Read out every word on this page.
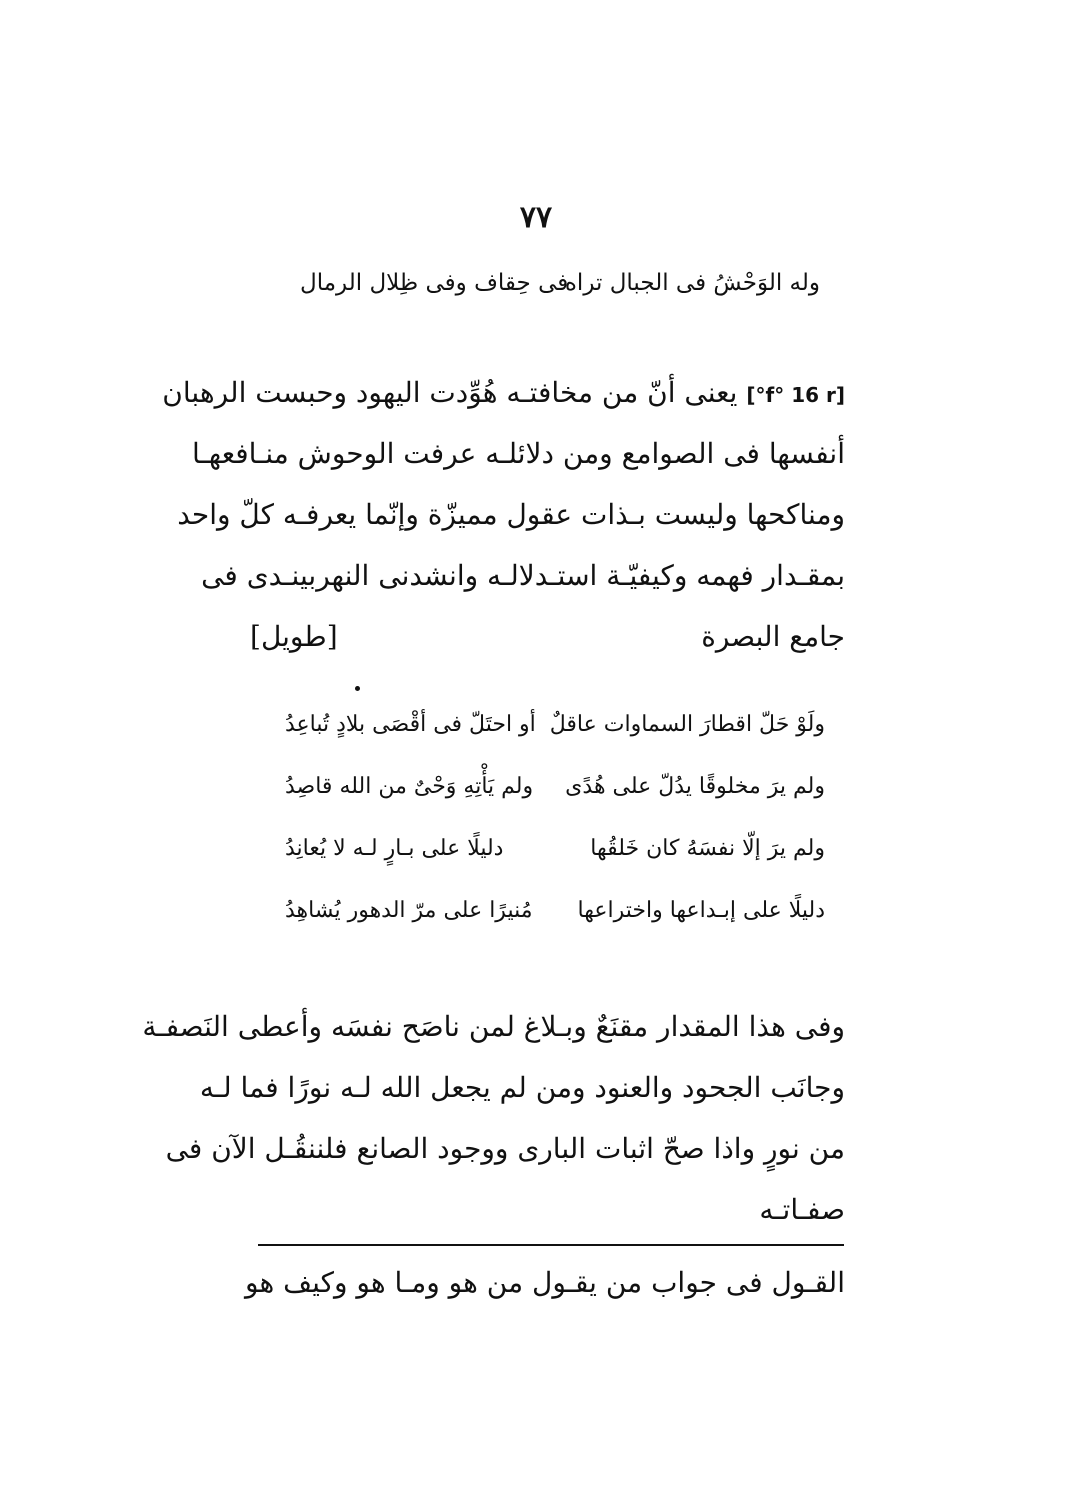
٧٧
وله الوَحْشُ فى الجبال تراه
فى حِقاف وفى ظِلال الرمال
[f° 16 r°] يعنى أنّ من مخافتـه هُوِّدت اليهود وحبست الرهبان
أنفسها فى الصوامع ومن دلائلـه عرفت الوحوش منـافعهـا
ومناكحها وليست بـذات عقول مميزّة وإنّما يعرفـه كلّ واحد
بمقـدار فهمه وكيفيّـة استـدلالـه وانشدنى النهربينـدى فى
جامع البصرة
[طويل]
ولَوْ حَلّ اقطارَ السماوات عاقلٌ
أو احتَلّ فى أقْصَى بلادٍ تُباعِدُ
ولم يرَ مخلوقًا يدُلّ على هُدًى
ولم يَأْتِهِ وَحْىٌ من الله قاصِدُ
ولم يرَ إلّا نفسَهُ كان خَلقُها
دليلًا على بـارٍ لـه لا يُعانِدُ
دليلًا على إبـداعها واختراعها
مُنيرًا على مرّ الدهور يُشاهِدُ
وفى هذا المقدار مقنَعٌ وبـلاغ لمن ناصَح نفسَه وأعطى النَصفـة
وجانَب الجحود والعنود ومن لم يجعل الله لـه نورًا فما لـه
من نورٍ واذا صحّ اثبات البارى ووجود الصانع فلننقُـل الآن فى
صفـاتـه
القـول فى جواب من يقـول من هو ومـا هو وكيف هو
